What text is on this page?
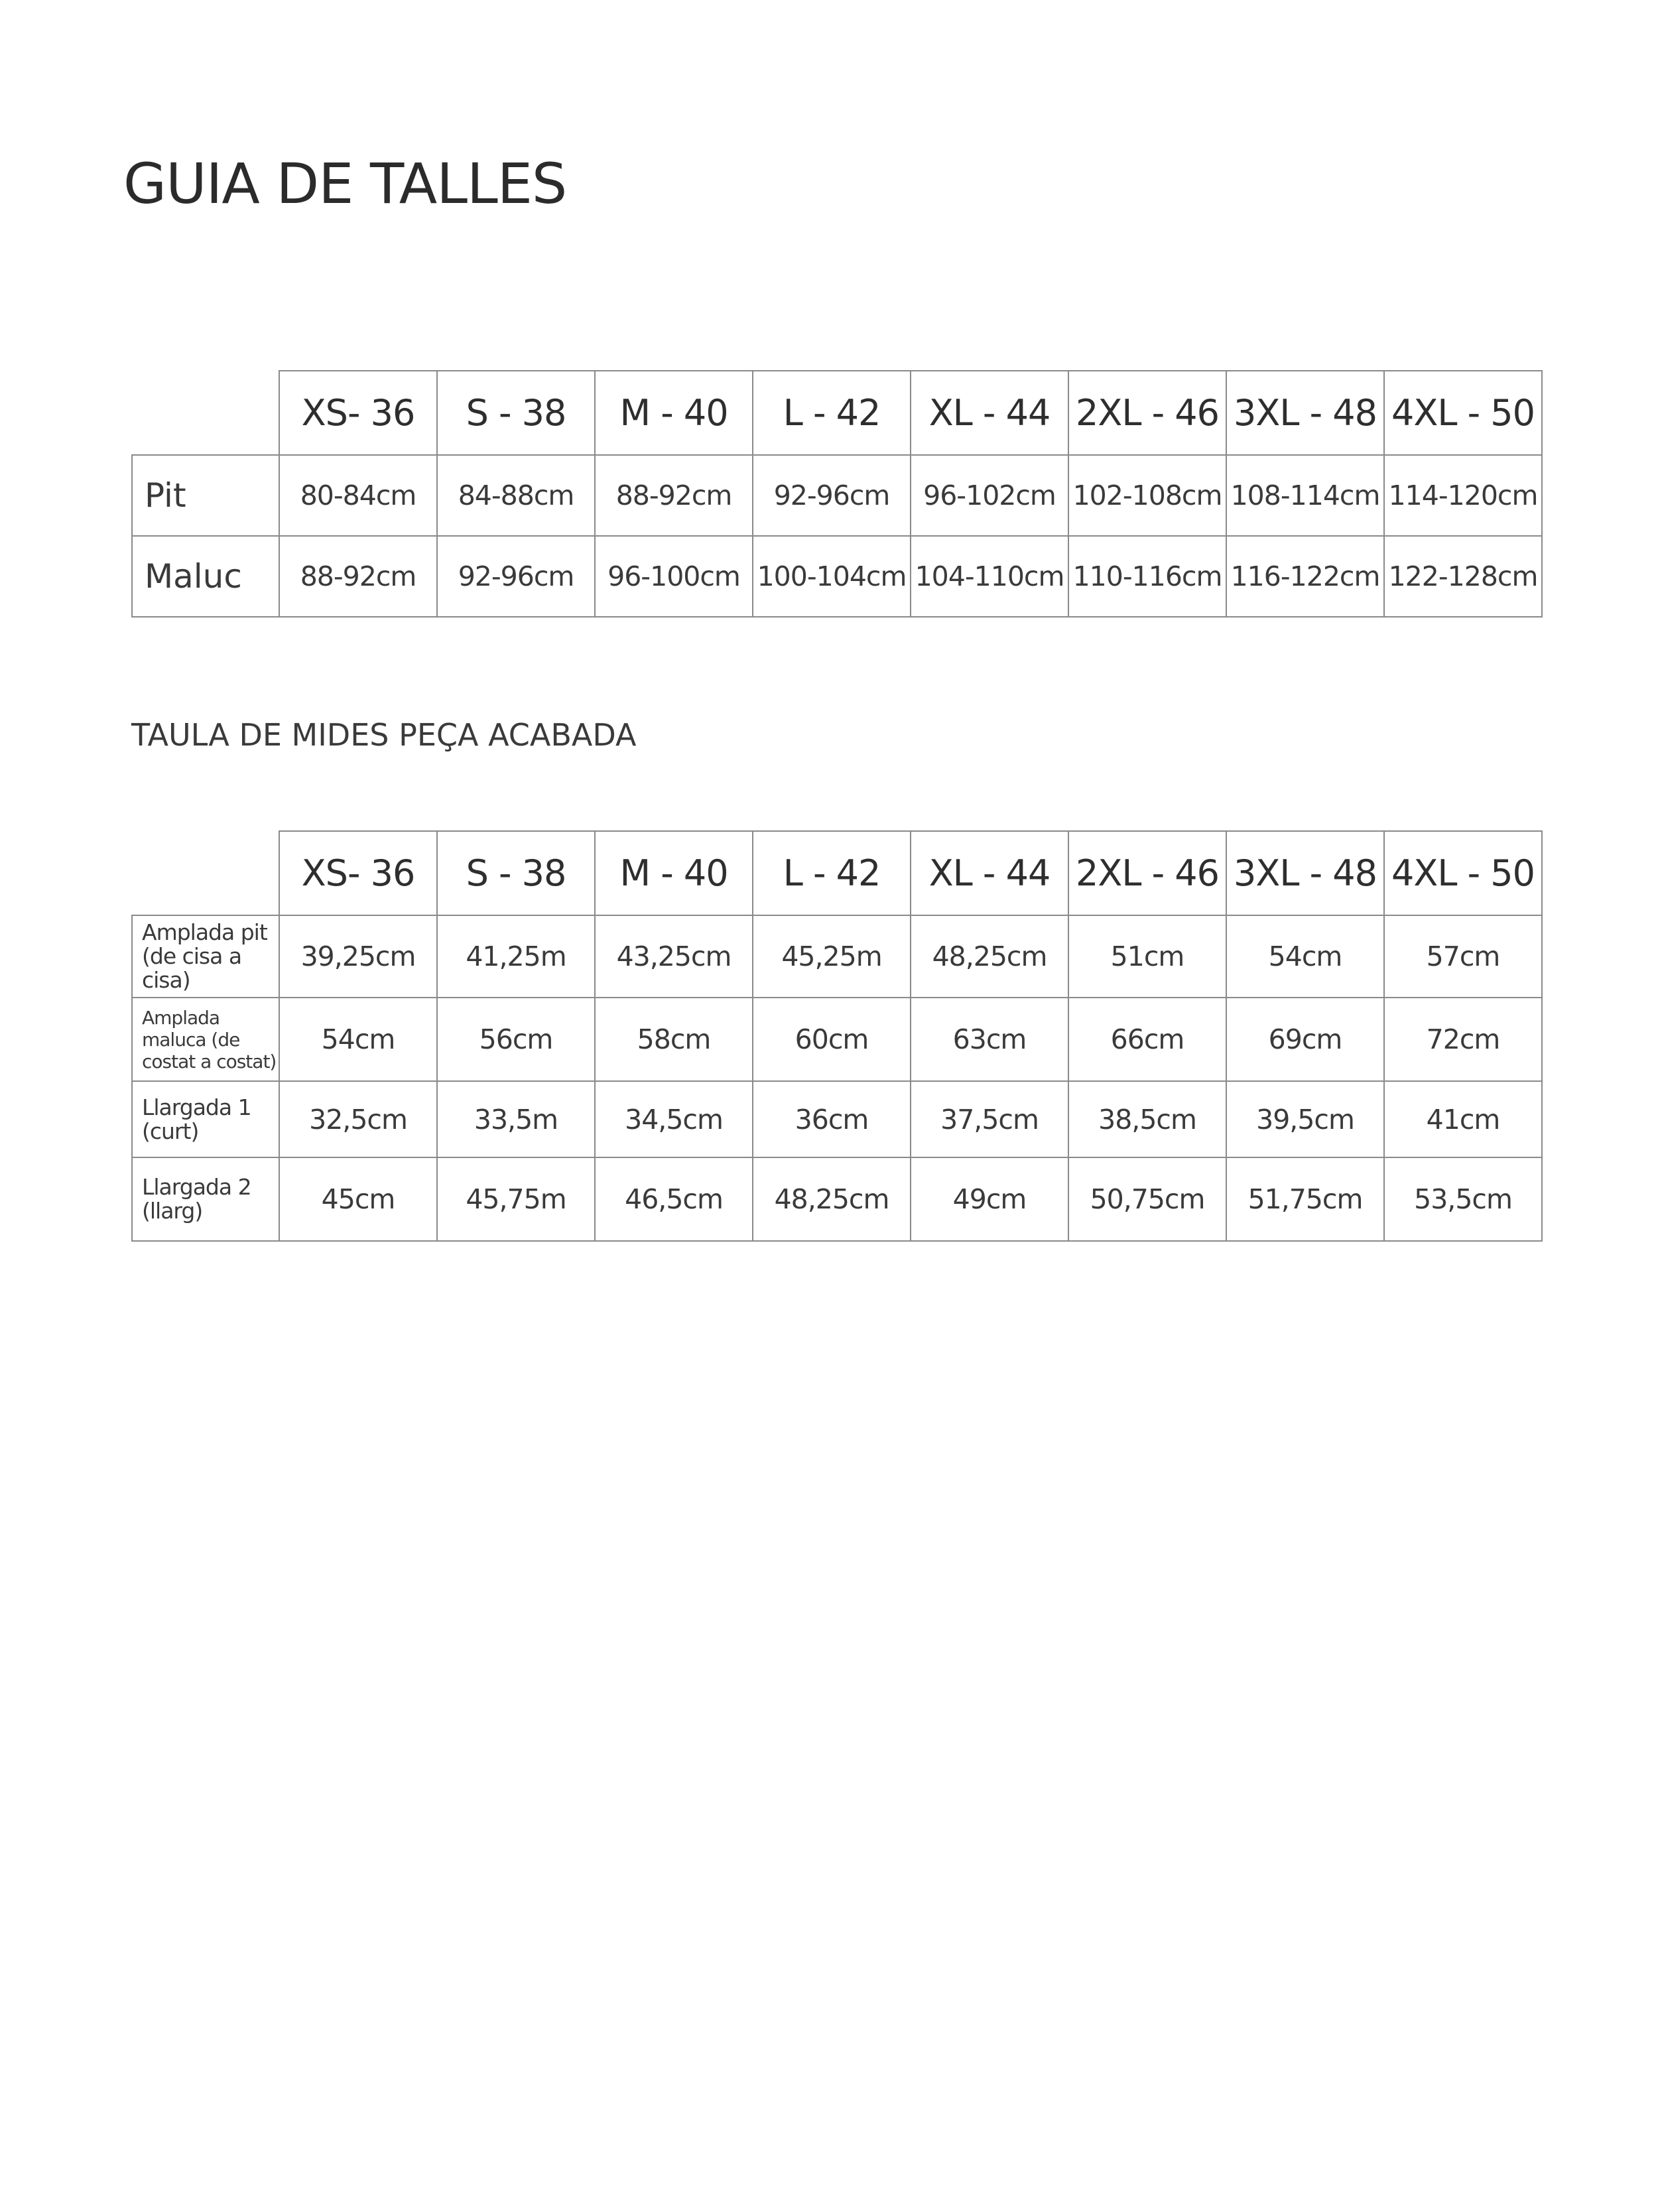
GUIA DE TALLES
	XS- 36	S - 38	M - 40	L - 42	XL - 44	2XL - 46	3XL - 48	4XL - 50
Pit	80-84cm	84-88cm	88-92cm	92-96cm	96-102cm	102-108cm	108-114cm	114-120cm
Maluc	88-92cm	92-96cm	96-100cm	100-104cm	104-110cm	110-116cm	116-122cm	122-128cm
TAULA DE MIDES PEÇA ACABADA
	XS- 36	S - 38	M - 40	L - 42	XL - 44	2XL - 46	3XL - 48	4XL - 50
Amplada pit (de cisa a cisa)	39,25cm	41,25m	43,25cm	45,25m	48,25cm	51cm	54cm	57cm
Amplada maluca (de costat a costat)	54cm	56cm	58cm	60cm	63cm	66cm	69cm	72cm
Llargada 1 (curt)	32,5cm	33,5m	34,5cm	36cm	37,5cm	38,5cm	39,5cm	41cm
Llargada 2 (llarg)	45cm	45,75m	46,5cm	48,25cm	49cm	50,75cm	51,75cm	53,5cm
